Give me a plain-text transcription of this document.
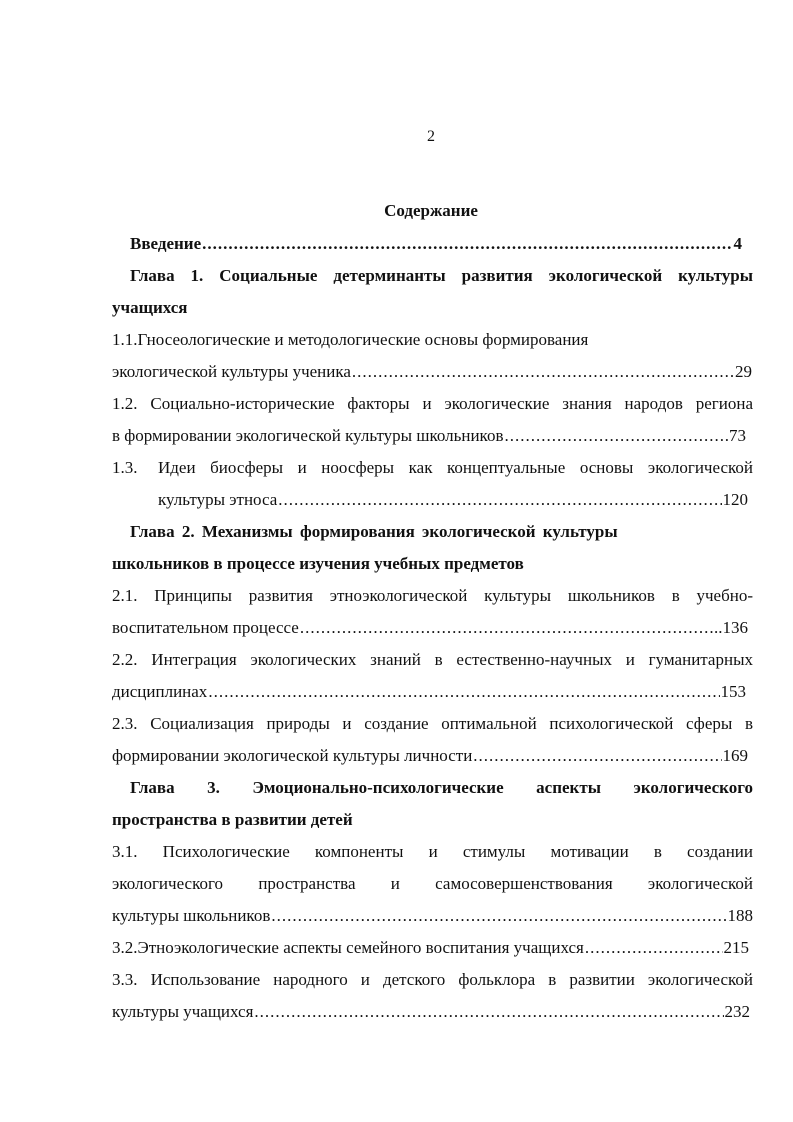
2
Содержание
Введение .....	4
Глава 1. Социальные детерминанты развития экологической культуры
учащихся
1.1.Гносеологические и методологические основы формирования
экологической культуры ученика .....	29
1.2. Социально-исторические факторы и экологические знания народов региона
в формировании экологической культуры школьников .....	.73
1.3. Идеи биосферы и ноосферы как концептуальные основы экологической
культуры этноса .....	120
Глава 2. Механизмы формирования экологической культуры
школьников в процессе изучения учебных предметов
2.1. Принципы развития этноэкологической культуры школьников в учебно-
воспитательном процессе .....	..136
2.2. Интеграция экологических знаний в естественно-научных и гуманитарных
дисциплинах .....	153
2.3. Социализация природы и создание оптимальной психологической сферы в
формировании экологической культуры личности .....	169
Глава 3. Эмоционально-психологические аспекты экологического
пространства в развитии детей
3.1. Психологические компоненты и стимулы мотивации в создании
экологического пространства и самосовершенствования экологической
культуры школьников .....	188
3.2.Этноэкологические аспекты семейного воспитания учащихся .....	215
3.3. Использование народного и детского фольклора в развитии экологической
культуры учащихся .....	232
